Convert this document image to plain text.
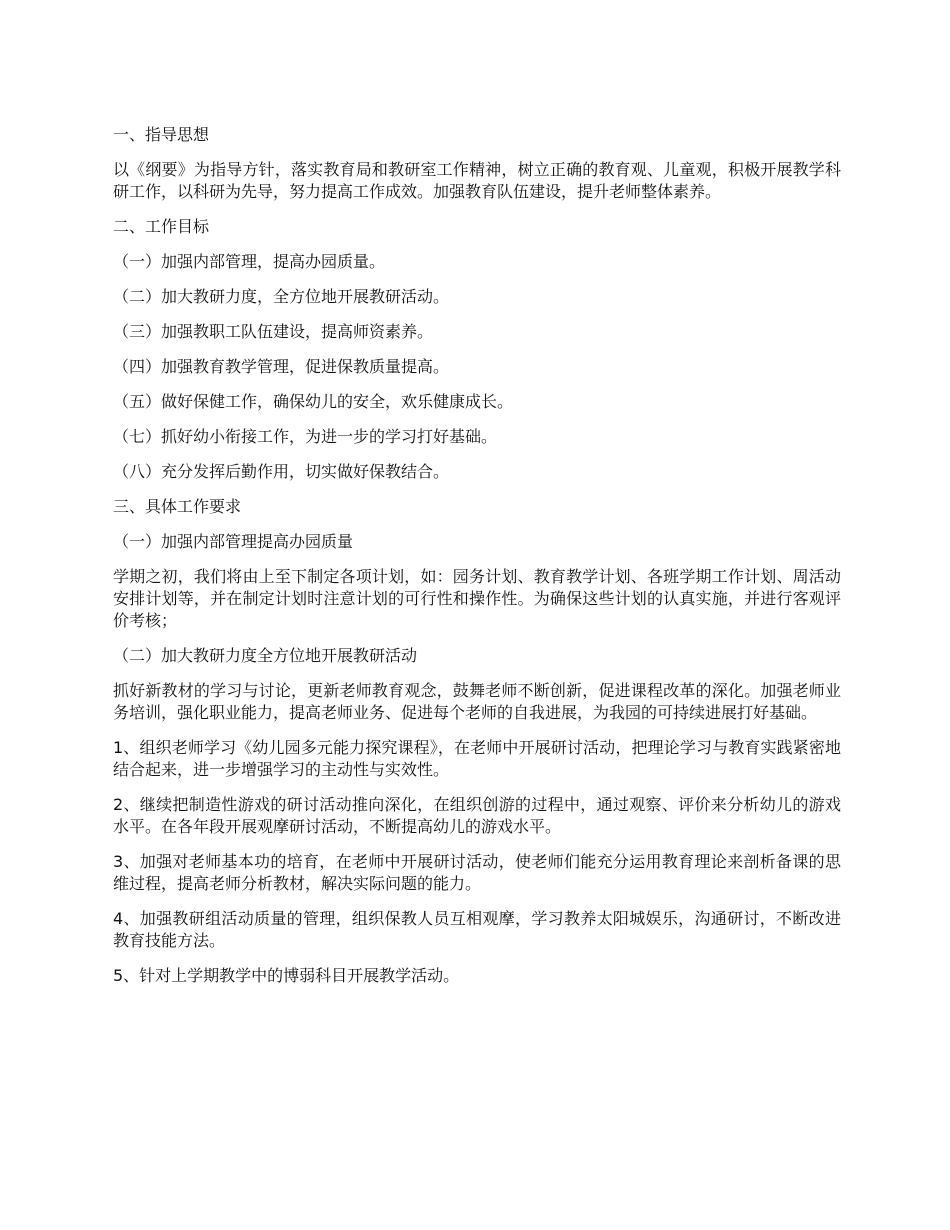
一、指导思想

以《纲要》为指导方针，落实教育局和教研室工作精神，树立正确的教育观、儿童观，积极开展教学科研工作，以科研为先导，努力提高工作成效。加强教育队伍建设，提升老师整体素养。

二、工作目标

（一）加强内部管理，提高办园质量。

（二）加大教研力度，全方位地开展教研活动。

（三）加强教职工队伍建设，提高师资素养。

（四）加强教育教学管理，促进保教质量提高。

（五）做好保健工作，确保幼儿的安全，欢乐健康成长。

（七）抓好幼小衔接工作，为进一步的学习打好基础。

（八）充分发挥后勤作用，切实做好保教结合。

三、具体工作要求

（一）加强内部管理提高办园质量

学期之初，我们将由上至下制定各项计划，如：园务计划、教育教学计划、各班学期工作计划、周活动安排计划等，并在制定计划时注意计划的可行性和操作性。为确保这些计划的认真实施，并进行客观评价考核；

（二）加大教研力度全方位地开展教研活动

抓好新教材的学习与讨论，更新老师教育观念，鼓舞老师不断创新，促进课程改革的深化。加强老师业务培训，强化职业能力，提高老师业务、促进每个老师的自我进展，为我园的可持续进展打好基础。

1、组织老师学习《幼儿园多元能力探究课程》，在老师中开展研讨活动，把理论学习与教育实践紧密地结合起来，进一步增强学习的主动性与实效性。

2、继续把制造性游戏的研讨活动推向深化，在组织创游的过程中，通过观察、评价来分析幼儿的游戏水平。在各年段开展观摩研讨活动，不断提高幼儿的游戏水平。

3、加强对老师基本功的培育，在老师中开展研讨活动，使老师们能充分运用教育理论来剖析备课的思维过程，提高老师分析教材，解决实际问题的能力。

4、加强教研组活动质量的管理，组织保教人员互相观摩，学习教养太阳城娱乐，沟通研讨，不断改进教育技能方法。

5、针对上学期教学中的博弱科目开展教学活动。
